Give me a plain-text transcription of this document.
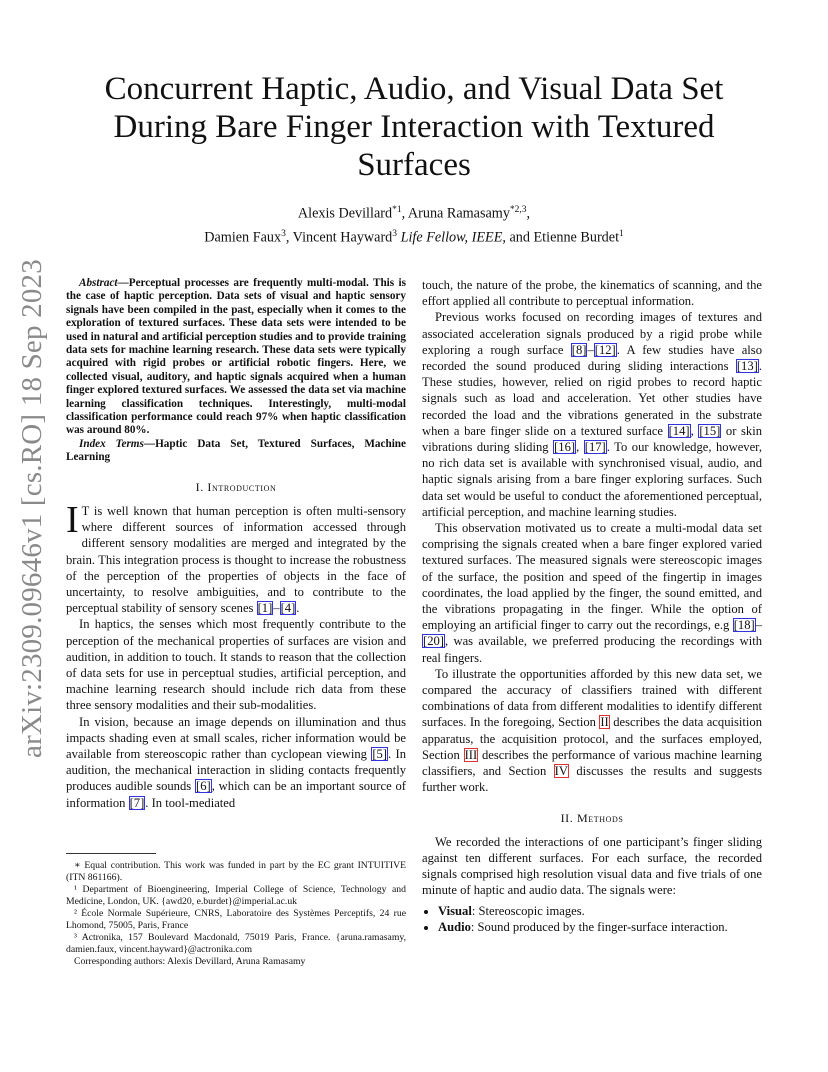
arXiv:2309.09646v1 [cs.RO] 18 Sep 2023
Concurrent Haptic, Audio, and Visual Data Set During Bare Finger Interaction with Textured Surfaces
Alexis Devillard$^{*1}$, Aruna Ramasamy$^{*2,3}$,
Damien Faux$^3$, Vincent Hayward$^3$ Life Fellow, IEEE, and Etienne Burdet$^1$

Abstract—Perceptual processes are frequently multi-modal. This is the case of haptic perception. Data sets of visual and haptic sensory signals have been compiled in the past, especially when it comes to the exploration of textured surfaces. These data sets were intended to be used in natural and artificial perception studies and to provide training data sets for machine learning research. These data sets were typically acquired with rigid probes or artificial robotic fingers. Here, we collected visual, auditory, and haptic signals acquired when a human finger explored textured surfaces. We assessed the data set via machine learning classification techniques. Interestingly, multi-modal classification performance could reach 97% when haptic classification was around 80%.

Index Terms—Haptic Data Set, Textured Surfaces, Machine Learning

I. Introduction

I T is well known that human perception is often multi-sensory where different sources of information accessed through different sensory modalities are merged and integrated by the brain. This integration process is thought to increase the robustness of the perception of the properties of objects in the face of uncertainty, to resolve ambiguities, and to contribute to the perceptual stability of sensory scenes [1]–[4].

In haptics, the senses which most frequently contribute to the perception of the mechanical properties of surfaces are vision and audition, in addition to touch. It stands to reason that the collection of data sets for use in perceptual studies, artificial perception, and machine learning research should include rich data from these three sensory modalities and their sub-modalities.

In vision, because an image depends on illumination and thus impacts shading even at small scales, richer information would be available from stereoscopic rather than cyclopean viewing [5]. In audition, the mechanical interaction in sliding contacts frequently produces audible sounds [6], which can be an important source of information [7]. In tool-mediated

∗ Equal contribution. This work was funded in part by the EC grant INTUITIVE (ITN 861166).
¹ Department of Bioengineering, Imperial College of Science, Technology and Medicine, London, UK. {awd20, e.burdet}@imperial.ac.uk
² École Normale Supérieure, CNRS, Laboratoire des Systèmes Perceptifs, 24 rue Lhomond, 75005, Paris, France
³ Actronika, 157 Boulevard Macdonald, 75019 Paris, France. {aruna.ramasamy, damien.faux, vincent.hayward}@actronika.com
Corresponding authors: Alexis Devillard, Aruna Ramasamy

touch, the nature of the probe, the kinematics of scanning, and the effort applied all contribute to perceptual information.

Previous works focused on recording images of textures and associated acceleration signals produced by a rigid probe while exploring a rough surface [8]–[12]. A few studies have also recorded the sound produced during sliding interactions [13]. These studies, however, relied on rigid probes to record haptic signals such as load and acceleration. Yet other studies have recorded the load and the vibrations generated in the substrate when a bare finger slide on a textured surface [14], [15] or skin vibrations during sliding [16], [17]. To our knowledge, however, no rich data set is available with synchronised visual, audio, and haptic signals arising from a bare finger exploring surfaces. Such data set would be useful to conduct the aforementioned perceptual, artificial perception, and machine learning studies.

This observation motivated us to create a multi-modal data set comprising the signals created when a bare finger explored varied textured surfaces. The measured signals were stereoscopic images of the surface, the position and speed of the fingertip in images coordinates, the load applied by the finger, the sound emitted, and the vibrations propagating in the finger. While the option of employing an artificial finger to carry out the recordings, e.g [18]–[20], was available, we preferred producing the recordings with real fingers.

To illustrate the opportunities afforded by this new data set, we compared the accuracy of classifiers trained with different combinations of data from different modalities to identify different surfaces. In the foregoing, Section II describes the data acquisition apparatus, the acquisition protocol, and the surfaces employed, Section III describes the performance of various machine learning classifiers, and Section IV discusses the results and suggests further work.

II. Methods

We recorded the interactions of one participant’s finger sliding against ten different surfaces. For each surface, the recorded signals comprised high resolution visual data and five trials of one minute of haptic and audio data. The signals were:

• Visual: Stereoscopic images.
• Audio: Sound produced by the finger-surface interaction.
